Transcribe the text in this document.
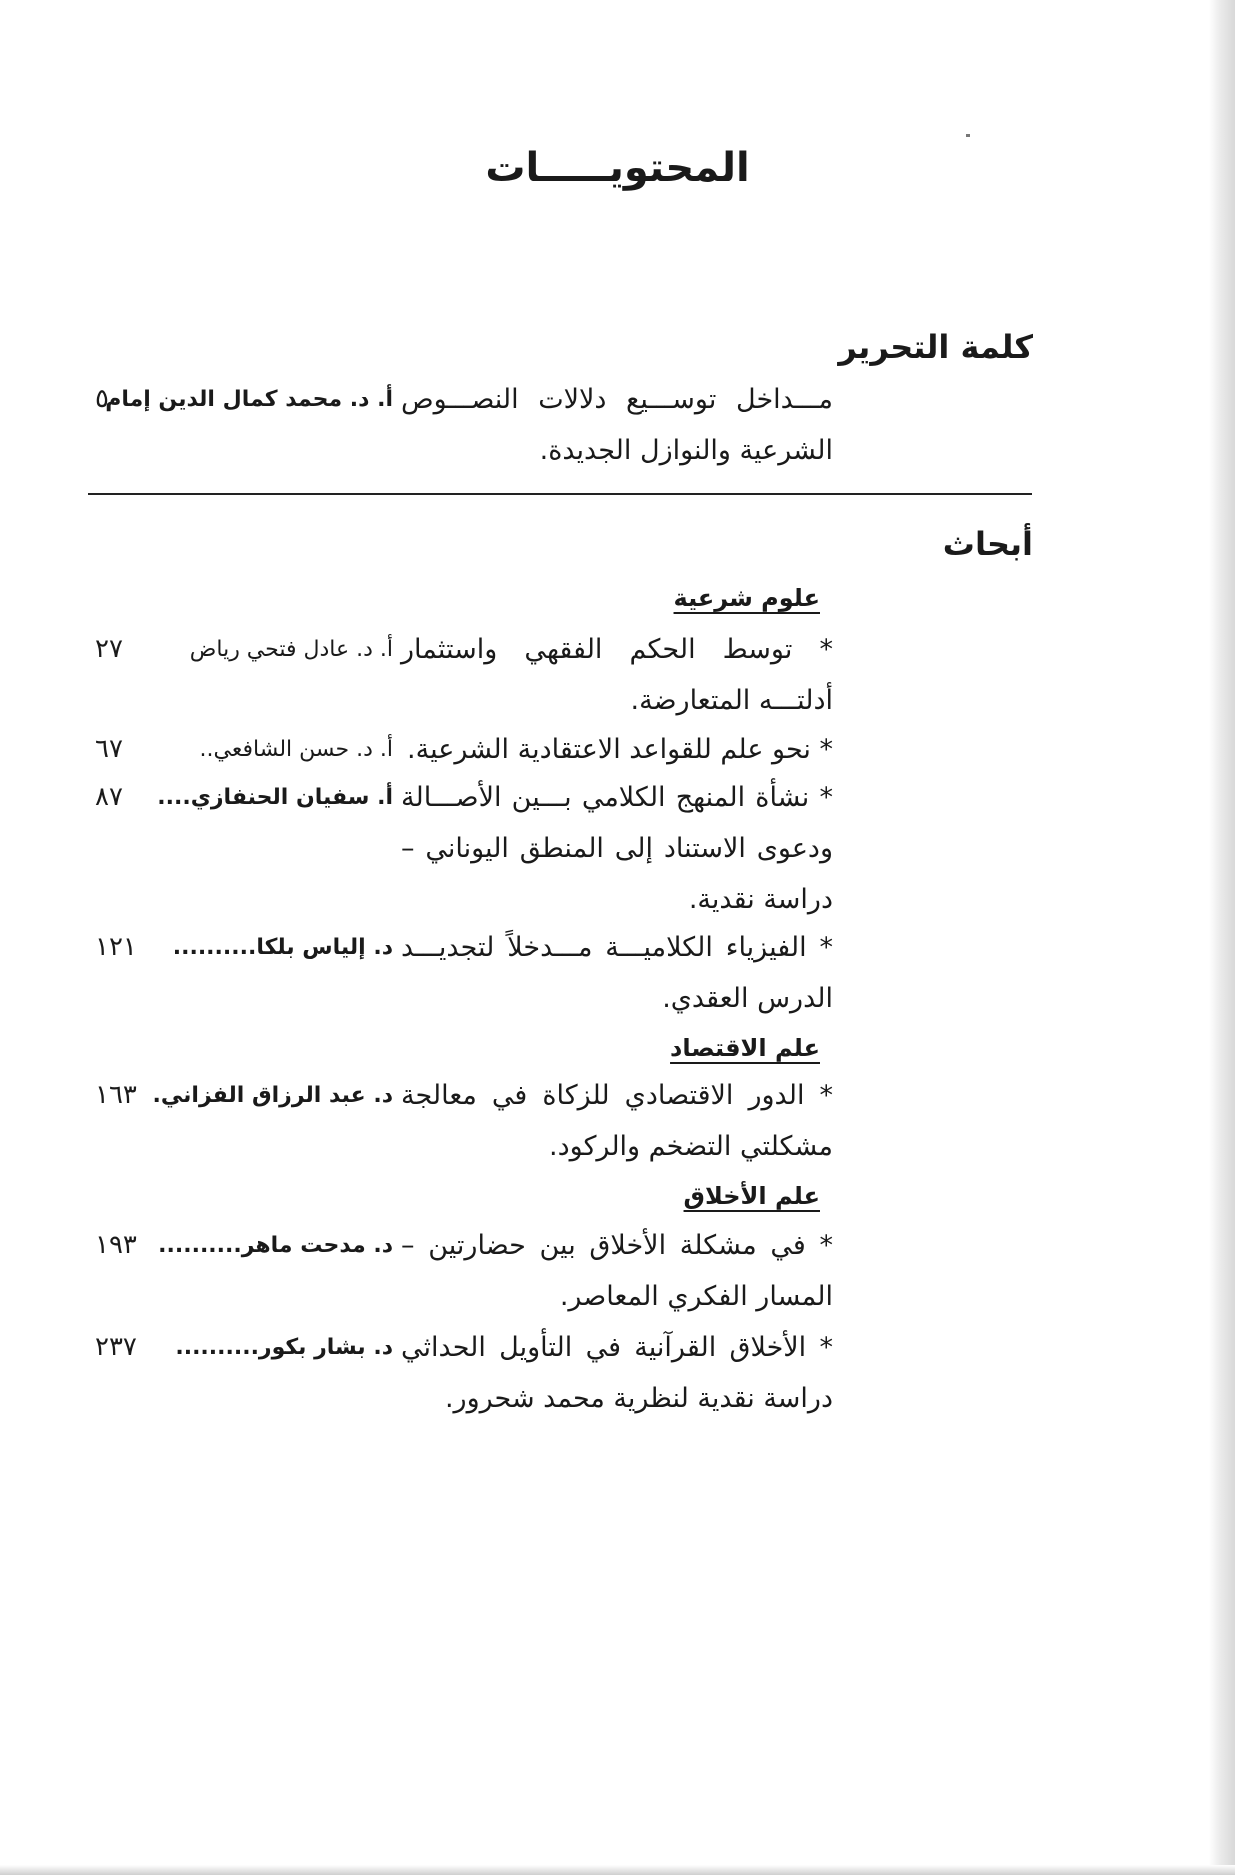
المحتويـــــات
كلمة التحرير
أبحاث
علوم شرعية
علم الاقتصاد
علم الأخلاق
مـــداخل توســـيع دلالات النصـــوص الشرعية والنوازل الجديدة.
أ. د. محمد كمال الدين إمام
٥
* توسط الحكم الفقهي واستثمار أدلتـــه المتعارضة.
أ. د. عادل فتحي رياض
٢٧
* نحو علم للقواعد الاعتقادية الشرعية.
أ. د. حسن الشافعي..
٦٧
* نشأة المنهج الكلامي بـــين الأصـــالة ودعوى الاستناد إلى المنطق اليوناني – دراسة نقدية.
أ. سفيان الحنفازي....
٨٧
* الفيزياء الكلاميـــة مـــدخلاً لتجديـــد الدرس العقدي.
د. إلياس بلكا..........
١٢١
* الدور الاقتصادي للزكاة في معالجة مشكلتي التضخم والركود.
د. عبد الرزاق الفزاني.
١٦٣
* في مشكلة الأخلاق بين حضارتين – المسار الفكري المعاصر.
د. مدحت ماهر..........
١٩٣
* الأخلاق القرآنية في التأويل الحداثي دراسة نقدية لنظرية محمد شحرور.
د. بشار بكور..........
٢٣٧
